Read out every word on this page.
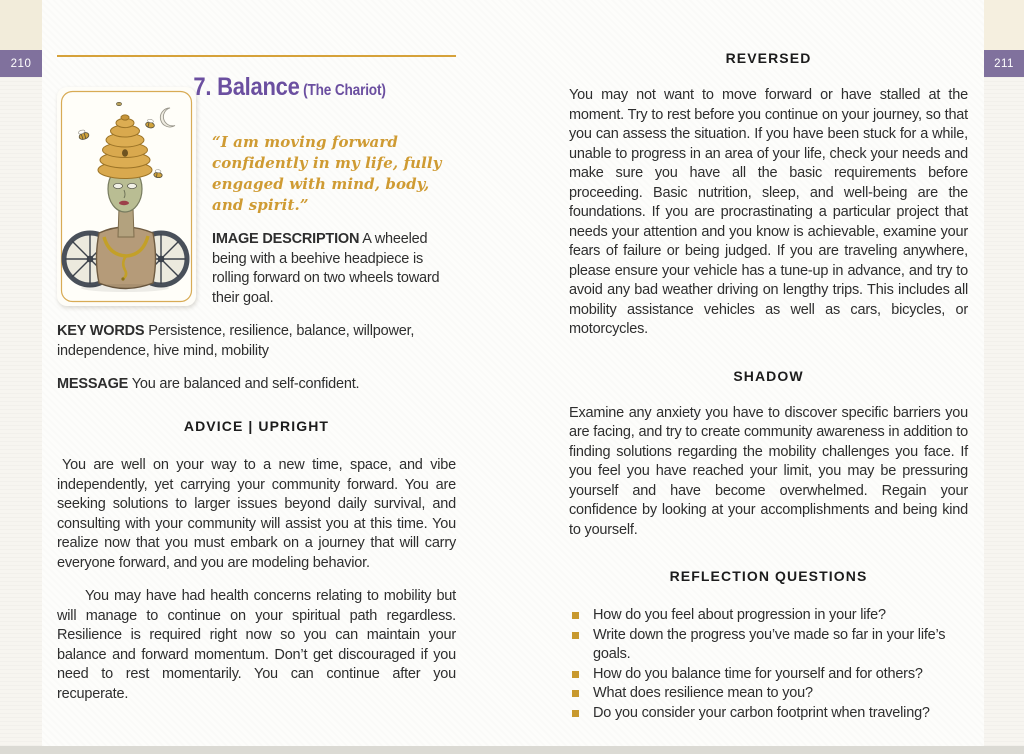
210	211
7. Balance (The Chariot)
“I am moving forward confidently in my life, fully engaged with mind, body, and spirit.”

IMAGE DESCRIPTION A wheeled being with a beehive headpiece is rolling forward on two wheels toward their goal.

KEY WORDS Persistence, resilience, balance, willpower, independence, hive mind, mobility

MESSAGE You are balanced and self-confident.

ADVICE | UPRIGHT

You are well on your way to a new time, space, and vibe independently, yet carrying your community forward. You are seeking solutions to larger issues beyond daily survival, and consulting with your community will assist you at this time. You realize now that you must embark on a journey that will carry everyone forward, and you are modeling behavior.

You may have had health concerns relating to mobility but will manage to continue on your spiritual path regardless. Resilience is required right now so you can maintain your balance and forward momentum. Don’t get discouraged if you need to rest momentarily. You can continue after you recuperate.

REVERSED

You may not want to move forward or have stalled at the moment. Try to rest before you continue on your journey, so that you can assess the situation. If you have been stuck for a while, unable to progress in an area of your life, check your needs and make sure you have all the basic requirements before proceeding. Basic nutrition, sleep, and well-being are the foundations. If you are procrastinating a particular project that needs your attention and you know is achievable, examine your fears of failure or being judged. If you are traveling anywhere, please ensure your vehicle has a tune-up in advance, and try to avoid any bad weather driving on lengthy trips. This includes all mobility assistance vehicles as well as cars, bicycles, or motorcycles.

SHADOW

Examine any anxiety you have to discover specific barriers you are facing, and try to create community awareness in addition to finding solutions regarding the mobility challenges you face. If you feel you have reached your limit, you may be pressuring yourself and have become overwhelmed. Regain your confidence by looking at your accomplishments and being kind to yourself.

REFLECTION QUESTIONS
How do you feel about progression in your life?
Write down the progress you’ve made so far in your life’s goals.
How do you balance time for yourself and for others?
What does resilience mean to you?
Do you consider your carbon footprint when traveling?
